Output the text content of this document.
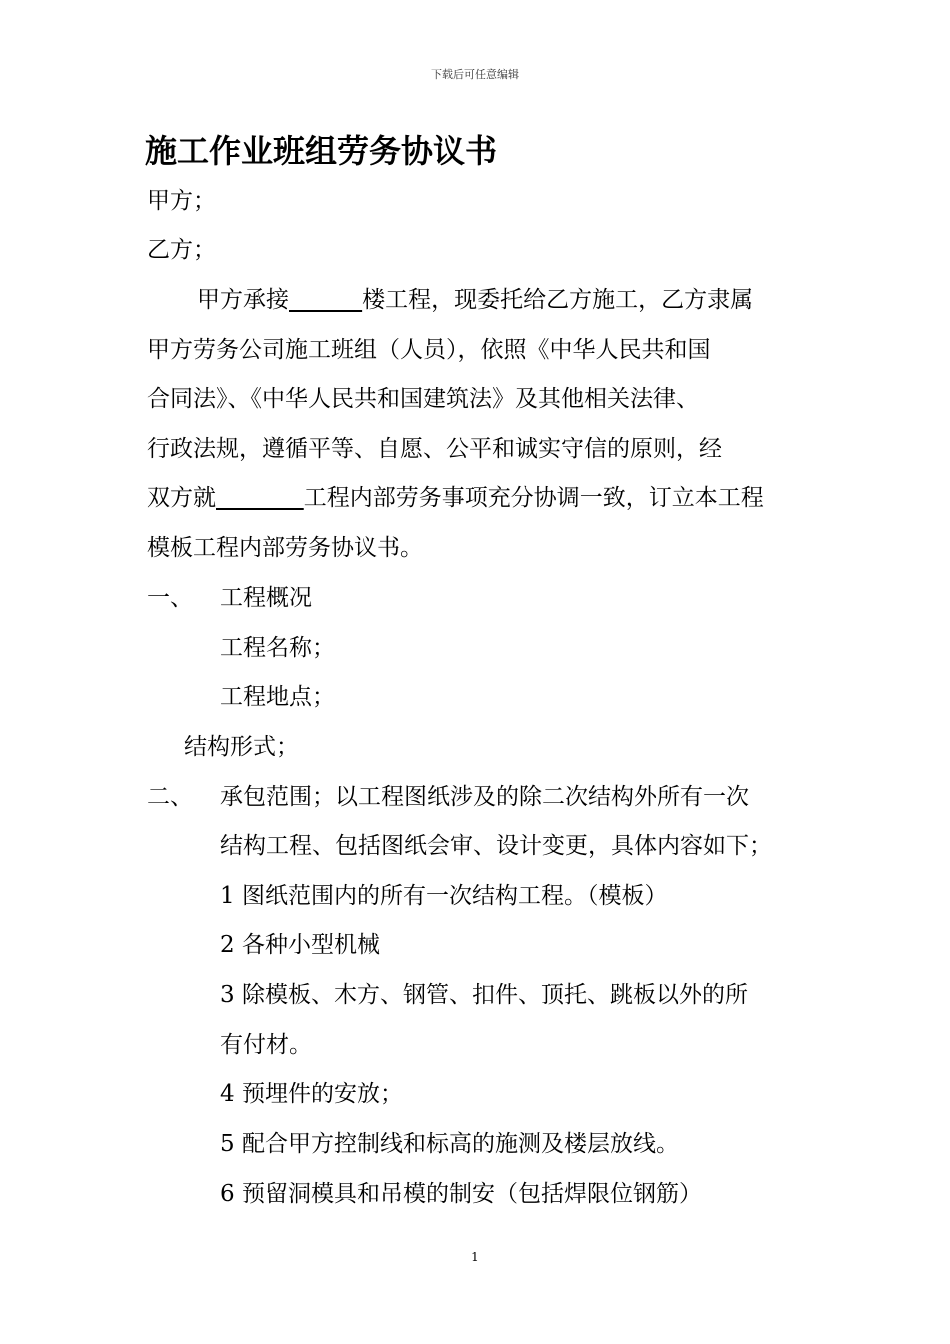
下载后可任意编辑
施工作业班组劳务协议书
甲方；
乙方；
甲方承接	楼工程，现委托给乙方施工，乙方隶属
甲方劳务公司施工班组（人员），依照《中华人民共和国
合同法》、《中华人民共和国建筑法》及其他相关法律、
行政法规，遵循平等、自愿、公平和诚实守信的原则，经
双方就	工程内部劳务事项充分协调一致，订立本工程
模板工程内部劳务协议书。
一、 工程概况
工程名称；
工程地点；
结构形式；
二、 承包范围；以工程图纸涉及的除二次结构外所有一次
结构工程、包括图纸会审、设计变更，具体内容如下；
1 图纸范围内的所有一次结构工程。（模板）
2 各种小型机械
3 除模板、木方、钢管、扣件、顶托、跳板以外的所
有付材。
4 预埋件的安放；
5 配合甲方控制线和标高的施测及楼层放线。
6 预留洞模具和吊模的制安（包括焊限位钢筋）
1
